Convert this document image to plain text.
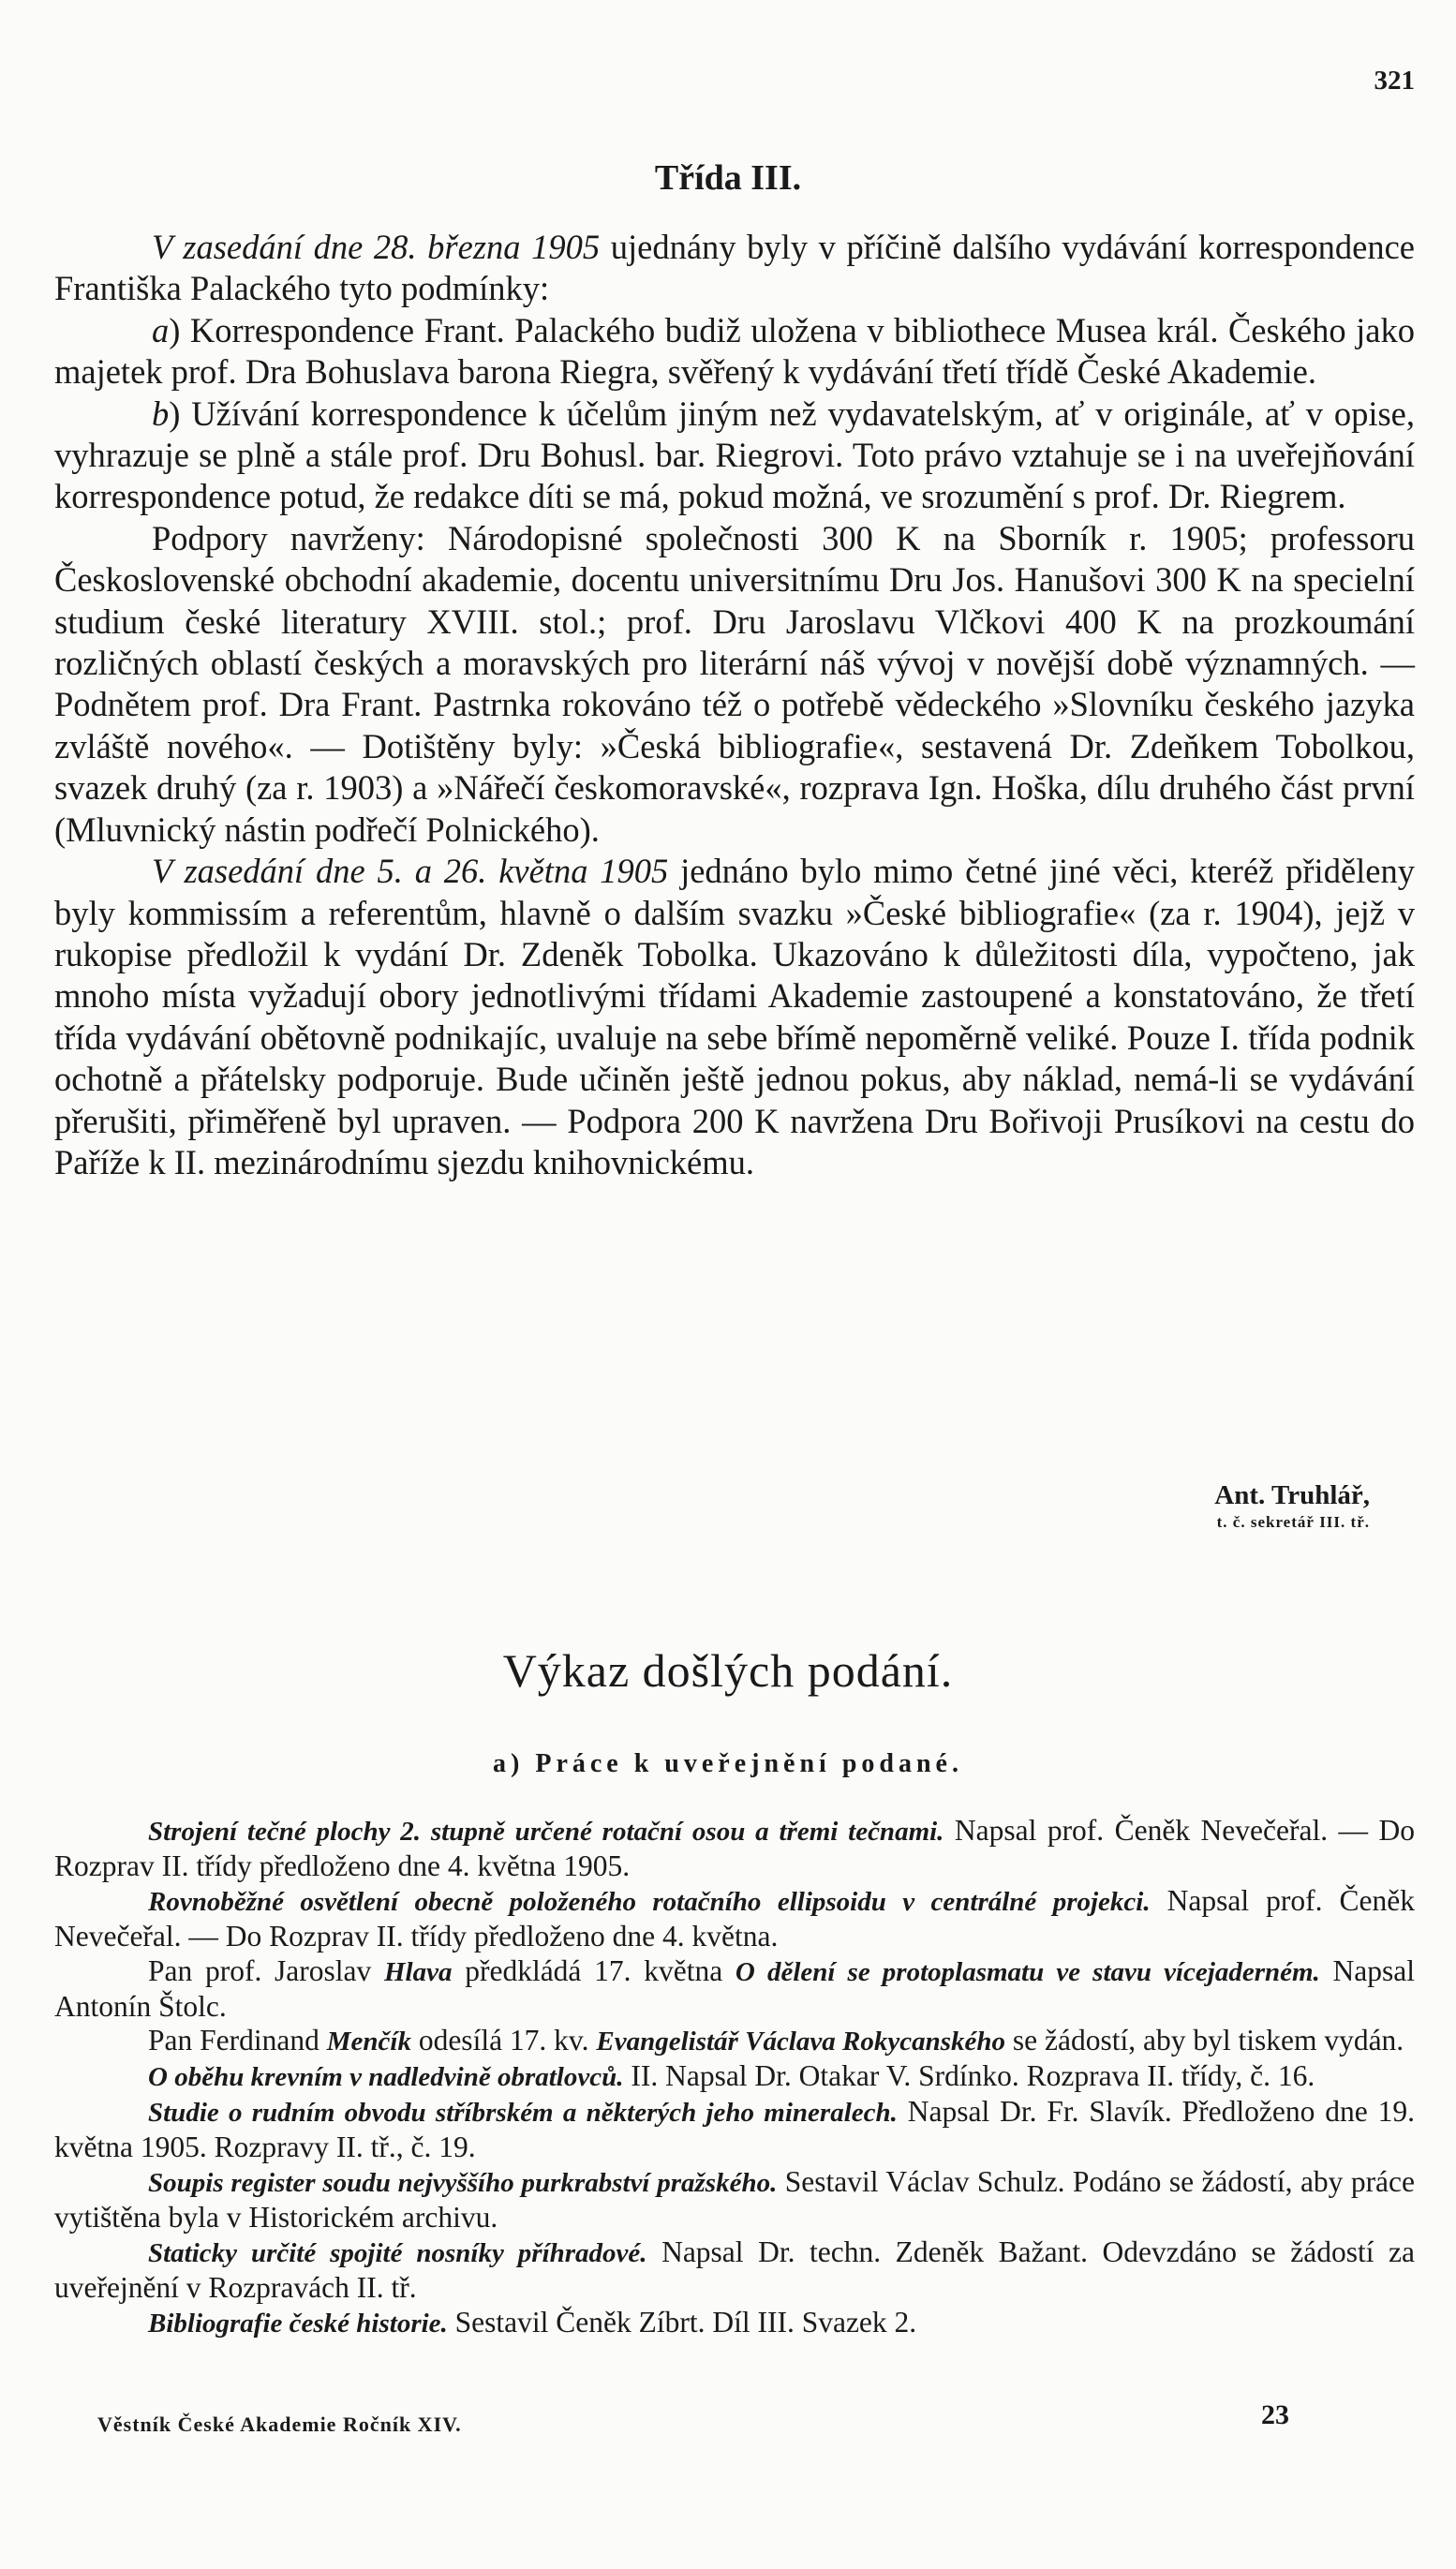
321
Třída III.

V zasedání dne 28. března 1905 ujednány byly v příčině dalšího vydávání korrespondence Františka Palackého tyto podmínky:

a) Korrespondence Frant. Palackého budiž uložena v bibliothece Musea král. Českého jako majetek prof. Dra Bohuslava barona Riegra, svěřený k vydávání třetí třídě České Akademie.

b) Užívání korrespondence k účelům jiným než vydavatelským, ať v originále, ať v opise, vyhrazuje se plně a stále prof. Dru Bohusl. bar. Riegrovi. Toto právo vztahuje se i na uveřejňování korrespondence potud, že redakce díti se má, pokud možná, ve srozumění s prof. Dr. Riegrem.

Podpory navrženy: Národopisné společnosti 300 K na Sborník r. 1905; professoru Československé obchodní akademie, docentu universitnímu Dru Jos. Hanušovi 300 K na specielní studium české literatury XVIII. stol.; prof. Dru Jaroslavu Vlčkovi 400 K na prozkoumání rozličných oblastí českých a moravských pro literární náš vývoj v novější době významných. — Podnětem prof. Dra Frant. Pastrnka rokováno též o potřebě vědeckého »Slovníku českého jazyka zvláště nového«. — Dotištěny byly: »Česká bibliografie«, sestavená Dr. Zdeňkem Tobolkou, svazek druhý (za r. 1903) a »Nářečí českomoravské«, rozprava Ign. Hoška, dílu druhého část první (Mluvnický nástin podřečí Polnického).

V zasedání dne 5. a 26. května 1905 jednáno bylo mimo četné jiné věci, kteréž přiděleny byly kommissím a referentům, hlavně o dalším svazku »České bibliografie« (za r. 1904), jejž v rukopise předložil k vydání Dr. Zdeněk Tobolka. Ukazováno k důležitosti díla, vypočteno, jak mnoho místa vyžadují obory jednotlivými třídami Akademie zastoupené a konstatováno, že třetí třída vydávání obětovně podnikajíc, uvaluje na sebe břímě nepoměrně veliké. Pouze I. třída podnik ochotně a přátelsky podporuje. Bude učiněn ještě jednou pokus, aby náklad, nemá-li se vydávání přerušiti, přiměřeně byl upraven. — Podpora 200 K navržena Dru Bořivoji Prusíkovi na cestu do Paříže k II. mezinárodnímu sjezdu knihovnickému.

Ant. Truhlář,
t. č. sekretář III. tř.
Výkaz došlých podání.
a) Práce k uveřejnění podané.

Strojení tečné plochy 2. stupně určené rotační osou a třemi tečnami. Napsal prof. Čeněk Nevečeřal. — Do Rozprav II. třídy předloženo dne 4. května 1905.

Rovnoběžné osvětlení obecně položeného rotačního ellipsoidu v centrálné projekci. Napsal prof. Čeněk Nevečeřal. — Do Rozprav II. třídy předloženo dne 4. května.

Pan prof. Jaroslav Hlava předkládá 17. května O dělení se protoplasmatu ve stavu vícejaderném. Napsal Antonín Štolc.

Pan Ferdinand Menčík odesílá 17. kv. Evangelistář Václava Rokycanského se žádostí, aby byl tiskem vydán.

O oběhu krevním v nadledvině obratlovců. II. Napsal Dr. Otakar V. Srdínko. Rozprava II. třídy, č. 16.

Studie o rudním obvodu stříbrském a některých jeho mineralech. Napsal Dr. Fr. Slavík. Předloženo dne 19. května 1905. Rozpravy II. tř., č. 19.

Soupis register soudu nejvyššího purkrabství pražského. Sestavil Václav Schulz. Podáno se žádostí, aby práce vytištěna byla v Historickém archivu.

Staticky určité spojité nosníky příhradové. Napsal Dr. techn. Zdeněk Bažant. Odevzdáno se žádostí za uveřejnění v Rozpravách II. tř.

Bibliografie české historie. Sestavil Čeněk Zíbrt. Díl III. Svazek 2.

Věstník České Akademie Ročník XIV.	23
